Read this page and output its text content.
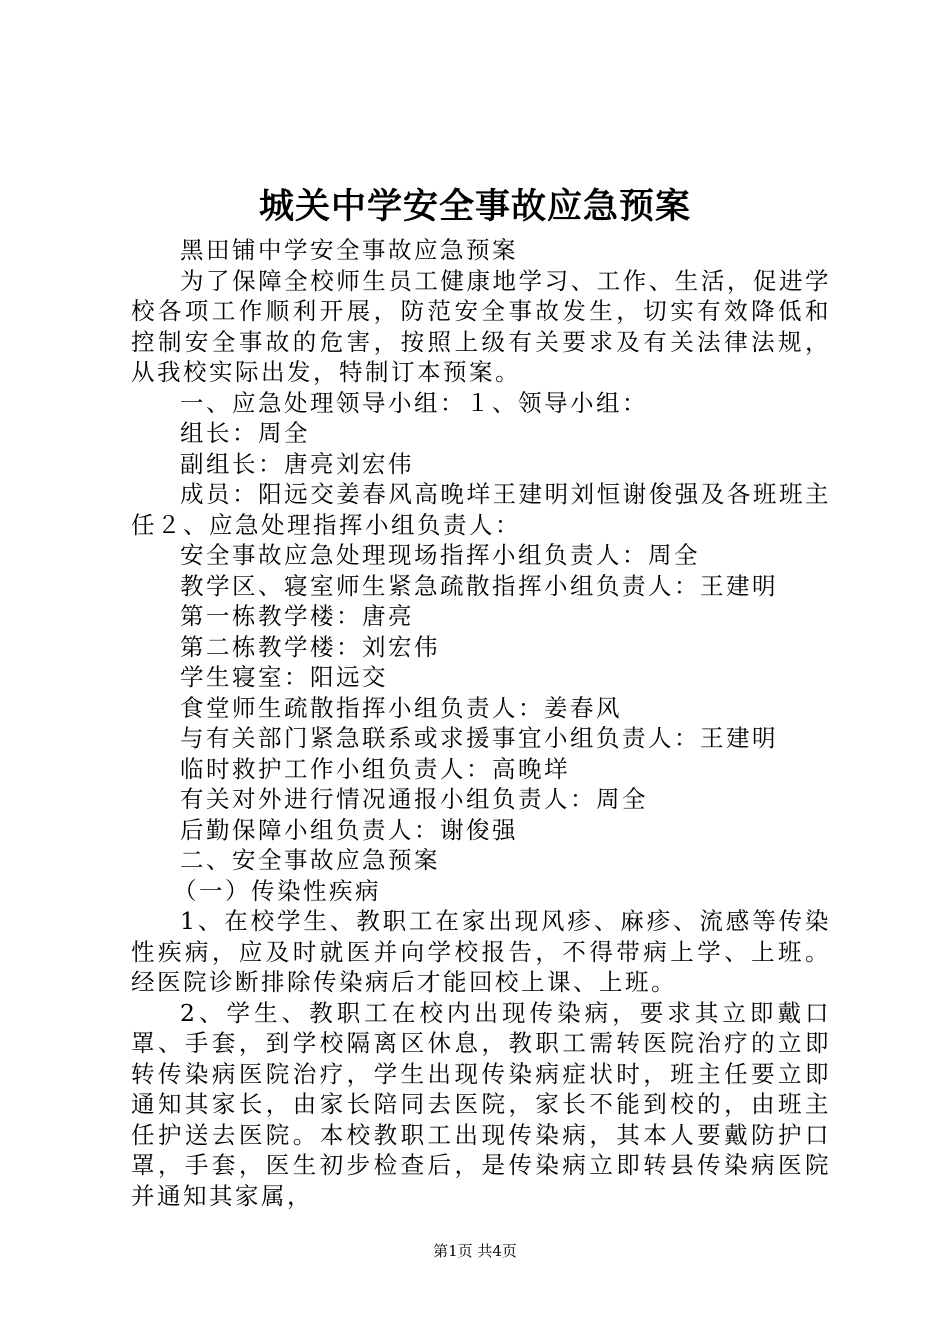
城关中学安全事故应急预案

黑田铺中学安全事故应急预案

为了保障全校师生员工健康地学习、工作、生活，促进学校各项工作顺利开展，防范安全事故发生，切实有效降低和控制安全事故的危害，按照上级有关要求及有关法律法规，从我校实际出发，特制订本预案。

一、应急处理领导小组：１、领导小组：

组长：周全

副组长：唐亮刘宏伟

成员：阳远交姜春风高晚垟王建明刘恒谢俊强及各班班主任２、应急处理指挥小组负责人：

安全事故应急处理现场指挥小组负责人：周全

教学区、寝室师生紧急疏散指挥小组负责人：王建明

第一栋教学楼：唐亮

第二栋教学楼：刘宏伟

学生寝室：阳远交

食堂师生疏散指挥小组负责人：姜春风

与有关部门紧急联系或求援事宜小组负责人：王建明

临时救护工作小组负责人：高晚垟

有关对外进行情况通报小组负责人：周全

后勤保障小组负责人：谢俊强

二、安全事故应急预案

（一）传染性疾病

1、在校学生、教职工在家出现风疹、麻疹、流感等传染性疾病，应及时就医并向学校报告，不得带病上学、上班。经医院诊断排除传染病后才能回校上课、上班。

2、学生、教职工在校内出现传染病，要求其立即戴口罩、手套，到学校隔离区休息，教职工需转医院治疗的立即转传染病医院治疗，学生出现传染病症状时，班主任要立即通知其家长，由家长陪同去医院，家长不能到校的，由班主任护送去医院。本校教职工出现传染病，其本人要戴防护口罩，手套，医生初步检查后，是传染病立即转县传染病医院并通知其家属，

第1页 共4页
